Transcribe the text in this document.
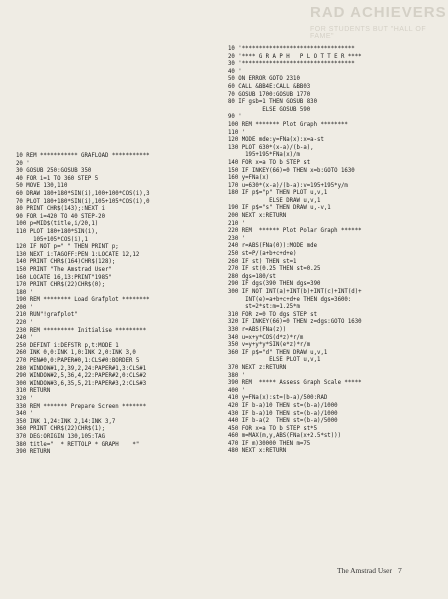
RAD ACHIEVERS
FOR STUDENTS BUT "HALL OF FAME"
10 REM *********** GRAFLOAD ***********
20 '
30 GOSUB 250:GOSUB 350
40 FOR i=1 TO 360 STEP 5
50 MOVE 130,110
60 DRAW 180+180*SIN(i),100+100*COS(i),3
70 PLOT 180+180*SIN(i),105+105*COS(i),0
80 PRINT CHR$(143);:NEXT i
90 FOR i=420 TO 40 STEP-20
100 p=MID$(title,i/20,1)
110 PLOT 180+180*SIN(i),
105+105*COS(i),1
120 IF NOT p=" " THEN PRINT p;
130 NEXT i:TAGOFF:PEN 1:LOCATE 12,12
140 PRINT CHR$(164)CHR$(128);
150 PRINT "The Amstrad User"
160 LOCATE 16,13:PRINT"1985"
170 PRINT CHR$(22)CHR$(0);
180 '
190 REM ******** Load Grafplot ********
200 '
210 RUN"!grafplot"
220 '
230 REM ********* Initialise *********
240 '
250 DEFINT i:DEFSTR p,t:MODE 1
260 INK 0,0:INK 1,0:INK 2,0:INK 3,0
270 PEN#0,0:PAPER#0,1:CLS#0:BORDER 5
280 WINDOW#1,2,39,2,24:PAPER#1,3:CLS#1
290 WINDOW#2,5,36,4,22:PAPER#2,0:CLS#2
300 WINDOW#3,6,35,5,21:PAPER#3,2:CLS#3
310 RETURN
320 '
330 REM ******* Prepare Screen *******
340 '
350 INK 1,24:INK 2,14:INK 3,7
360 PRINT CHR$(22)CHR$(1);
370 DEG:ORIGIN 130,105:TAG
380 title="  * RETTOLP * GRAPH    *"
390 RETURN
10 '*********************************
20 '**** G R A P H   P L O T T E R ****
30 '*********************************
40 '
50 ON ERROR GOTO 2310
60 CALL &BB4E:CALL &BB03
70 GOSUB 1700:GOSUB 1770
80 IF gsb=1 THEN GOSUB 830
ELSE GOSUB 590
90 '
100 REM ******* Plot Graph ********
110 '
120 MODE mde:y=FNa(x):x=a-st
130 PLOT 630*(x-a)/(b-a),
195+195*FNa(x)/m
140 FOR x=a TO b STEP st
150 IF INKEY(66)=0 THEN x=b:GOTO 1630
160 y=FNa(x)
170 u=630*(x-a)/(b-a):v=195+195*y/m
180 IF p$="p" THEN PLOT u,v,1
ELSE DRAW u,v,1
190 IF p$="s" THEN DRAW u,-v,1
200 NEXT x:RETURN
210 '
220 REM  ****** Plot Polar Graph ******
230 '
240 r=ABS(FNa(0)):MODE mde
250 st=P/(a+b+c+d+e)
260 IF st) THEN st=1
270 IF st(0.25 THEN st=0.25
280 dgs=180/st
290 IF dgs(390 THEN dgs=390
300 IF NOT INT(a)+INT(b)+INT(c)+INT(d)+
INT(e)=a+b+c+d+e THEN dgs=3600:
st=2*st:m=1.25*m
310 FOR z=0 TO dgs STEP st
320 IF INKEY(66)=0 THEN z=dgs:GOTO 1630
330 r=ABS(FNa(z))
340 u=x+y*COS(d*z)*r/m
350 v=y+y*y*SIN(e*z)*r/m
360 IF p$="d" THEN DRAW u,v,1
ELSE PLOT u,v,1
370 NEXT z:RETURN
380 '
390 REM  ***** Assess Graph Scale *****
400 '
410 y=FNa(x):st=(b-a)/500:RAD
420 IF b-a)10 THEN st=(b-a)/1000
430 IF b-a)10 THEN st=(b-a)/1000
440 IF b-a(2  THEN st=(b-a)/5000
450 FOR x=a TO b STEP st*5
460 m=MAX(m,y,ABS(FNa(x+2.5*st)))
470 IF m)30000 THEN m=75
480 NEXT x:RETURN
The Amstrad User 7
